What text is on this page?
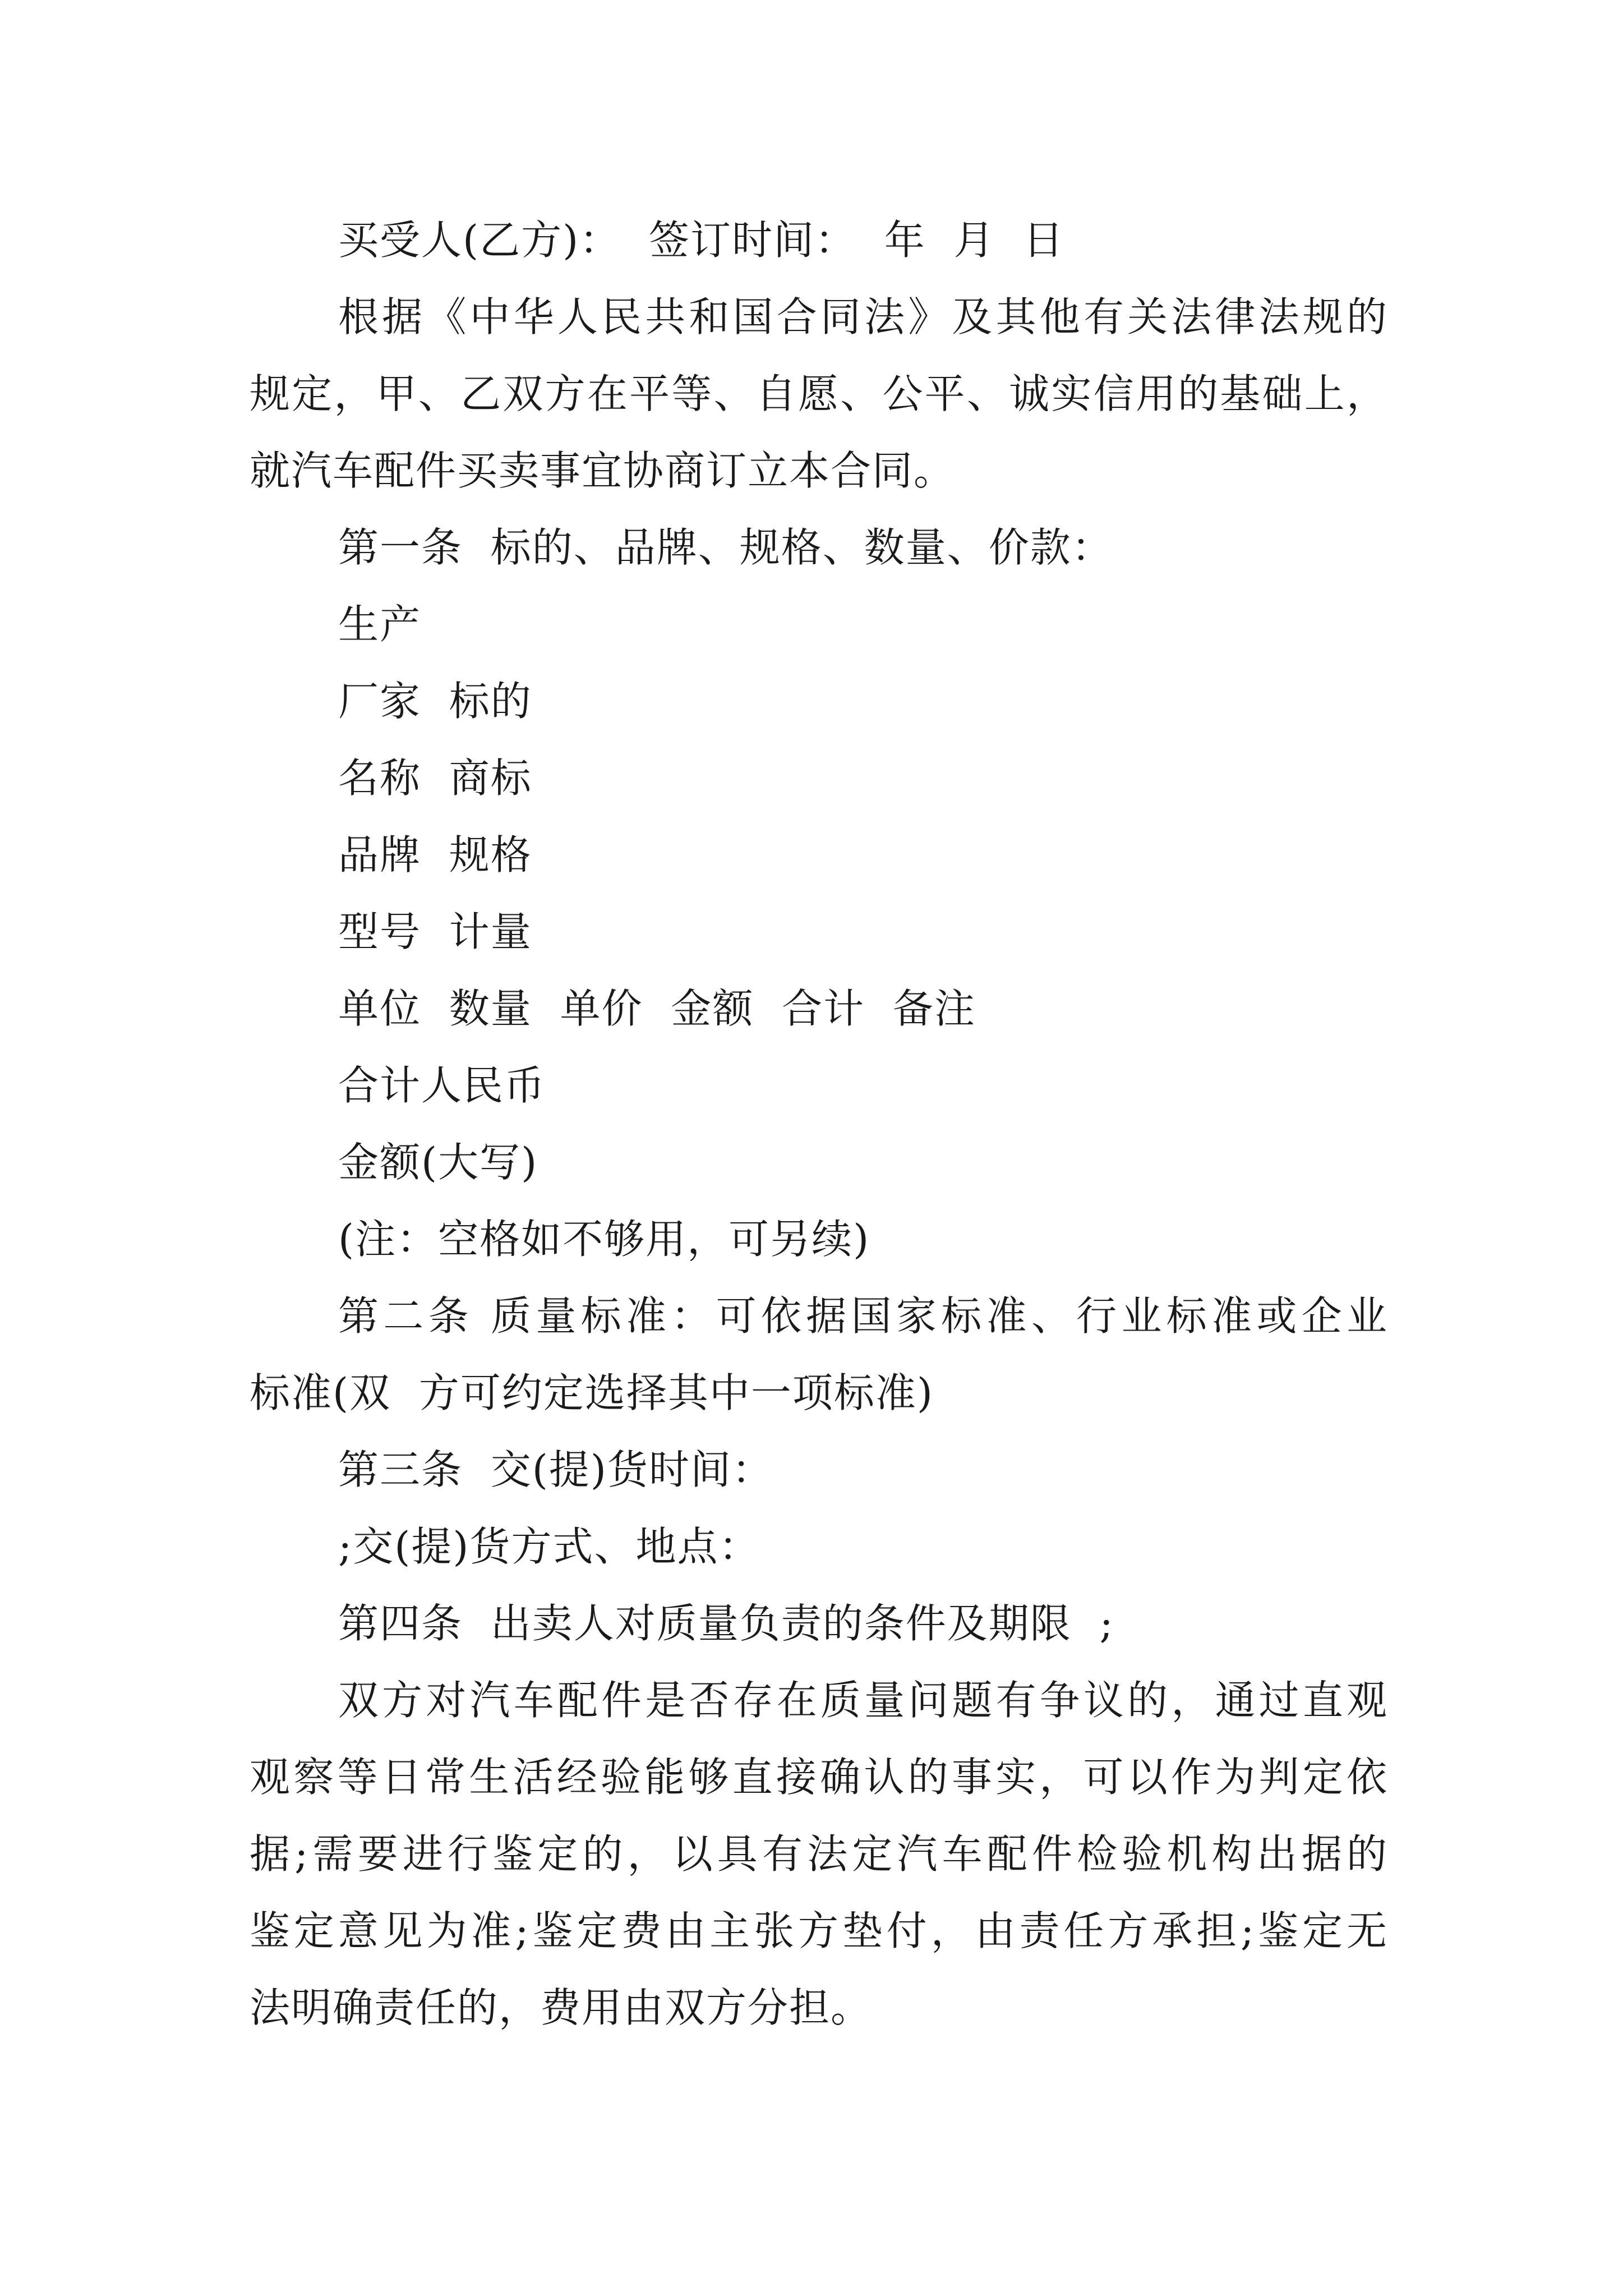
买受人(乙方)：  签订时间：  年  月  日

根据《中华人民共和国合同法》及其他有关法律法规的

规定，甲、乙双方在平等、自愿、公平、诚实信用的基础上，

就汽车配件买卖事宜协商订立本合同。

第一条  标的、品牌、规格、数量、价款：

生产

厂家  标的

名称  商标

品牌  规格

型号  计量

单位  数量  单价  金额  合计  备注

合计人民币

金额(大写)

(注：空格如不够用，可另续)

第二条 质量标准：可依据国家标准、行业标准或企业

标准(双  方可约定选择其中一项标准)

第三条  交(提)货时间：

;交(提)货方式、地点：

第四条  出卖人对质量负责的条件及期限  ;

双方对汽车配件是否存在质量问题有争议的，通过直观

观察等日常生活经验能够直接确认的事实，可以作为判定依

据;需要进行鉴定的，以具有法定汽车配件检验机构出据的

鉴定意见为准;鉴定费由主张方垫付，由责任方承担;鉴定无

法明确责任的，费用由双方分担。
